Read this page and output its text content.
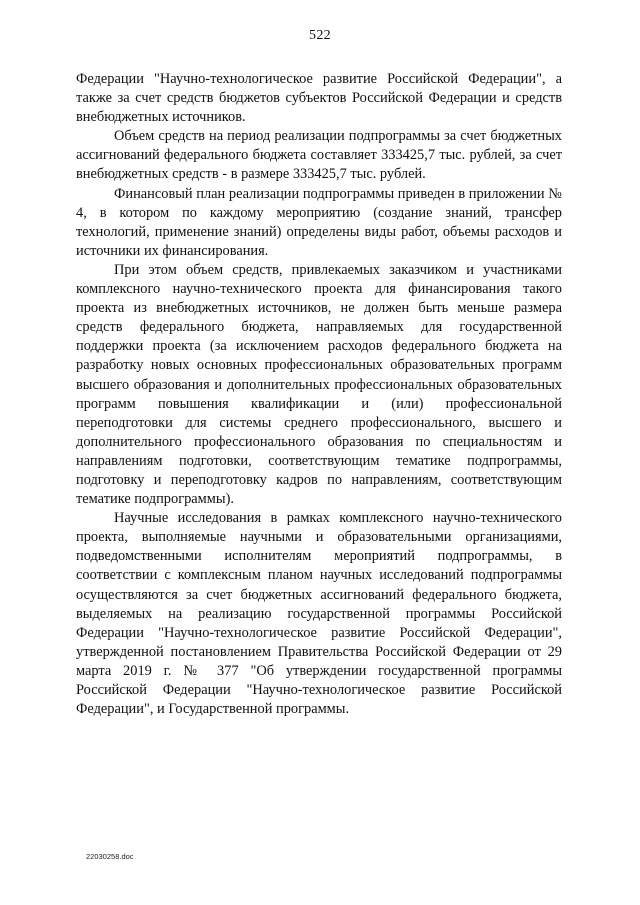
522

Федерации "Научно-технологическое развитие Российской Федерации", а также за счет средств бюджетов субъектов Российской Федерации и средств внебюджетных источников.

Объем средств на период реализации подпрограммы за счет бюджетных ассигнований федерального бюджета составляет 333425,7 тыс. рублей, за счет внебюджетных средств - в размере 333425,7 тыс. рублей.

Финансовый план реализации подпрограммы приведен в приложении № 4, в котором по каждому мероприятию (создание знаний, трансфер технологий, применение знаний) определены виды работ, объемы расходов и источники их финансирования.

При этом объем средств, привлекаемых заказчиком и участниками комплексного научно-технического проекта для финансирования такого проекта из внебюджетных источников, не должен быть меньше размера средств федерального бюджета, направляемых для государственной поддержки проекта (за исключением расходов федерального бюджета на разработку новых основных профессиональных образовательных программ высшего образования и дополнительных профессиональных образовательных программ повышения квалификации и (или) профессиональной переподготовки для системы среднего профессионального, высшего и дополнительного профессионального образования по специальностям и направлениям подготовки, соответствующим тематике подпрограммы, подготовку и переподготовку кадров по направлениям, соответствующим тематике подпрограммы).

Научные исследования в рамках комплексного научно-технического проекта, выполняемые научными и образовательными организациями, подведомственными исполнителям мероприятий подпрограммы, в соответствии с комплексным планом научных исследований подпрограммы осуществляются за счет бюджетных ассигнований федерального бюджета, выделяемых на реализацию государственной программы Российской Федерации "Научно-технологическое развитие Российской Федерации", утвержденной постановлением Правительства Российской Федерации от 29 марта 2019 г. № 377 "Об утверждении государственной программы Российской Федерации "Научно-технологическое развитие Российской Федерации", и Государственной программы.

22030258.doc
